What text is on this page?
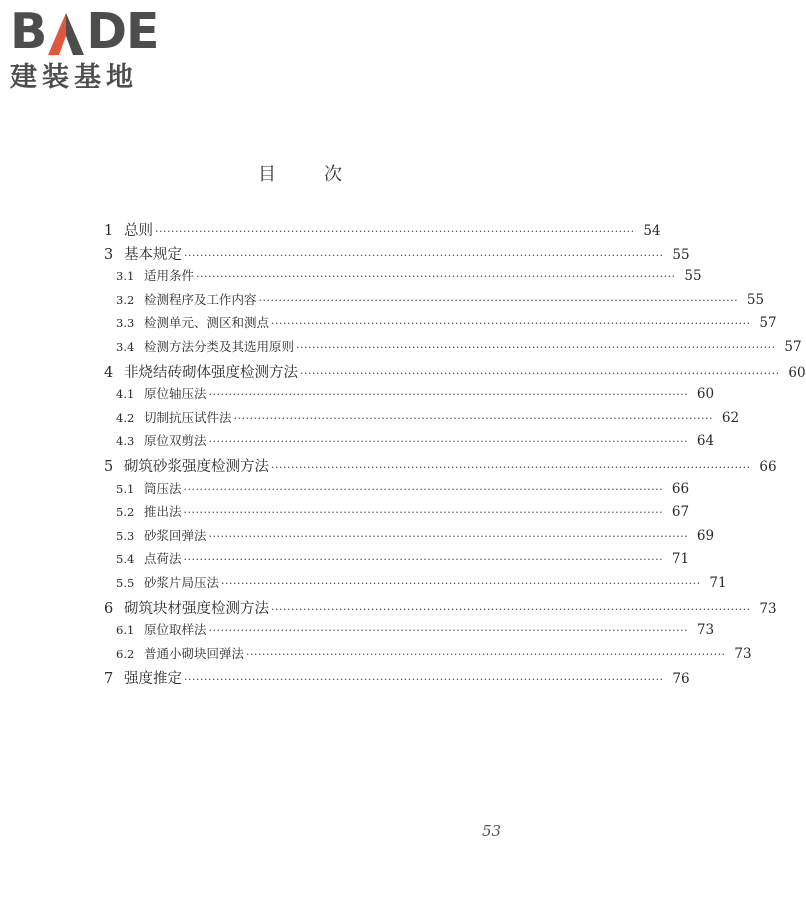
B DE
建装基地
目	次
1 总则 ························································································································ 54
3 基本规定 ························································································································ 55
3.1 适用条件 ························································································································ 55
3.2 检测程序及工作内容 ························································································································ 55
3.3 检测单元、测区和测点 ························································································································ 57
3.4 检测方法分类及其选用原则 ························································································································ 57
4 非烧结砖砌体强度检测方法 ························································································································ 60
4.1 原位轴压法 ························································································································ 60
4.2 切制抗压试件法 ························································································································ 62
4.3 原位双剪法 ························································································································ 64
5 砌筑砂浆强度检测方法 ························································································································ 66
5.1 筒压法 ························································································································ 66
5.2 推出法 ························································································································ 67
5.3 砂浆回弹法 ························································································································ 69
5.4 点荷法 ························································································································ 71
5.5 砂浆片局压法 ························································································································ 71
6 砌筑块材强度检测方法 ························································································································ 73
6.1 原位取样法 ························································································································ 73
6.2 普通小砌块回弹法 ························································································································ 73
7 强度推定 ························································································································ 76
53
